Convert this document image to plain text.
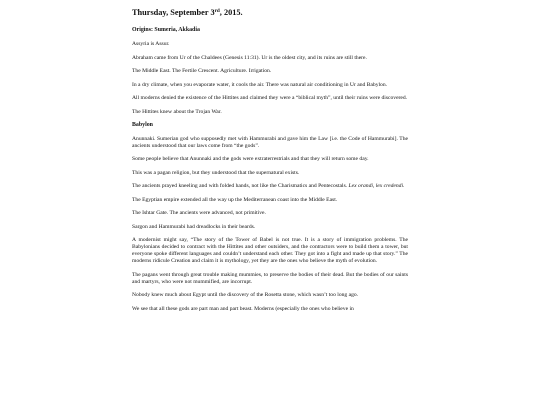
Thursday, September 3rd, 2015.
Origins: Sumeria, Akkadia

Assyria is Assur.

Abraham came from Ur of the Chaldees (Genesis 11:31). Ur is the oldest city, and its ruins are still there.

The Middle East. The Fertile Crescent. Agriculture. Irrigation.

In a dry climate, when you evaporate water, it cools the air. There was natural air conditioning in Ur and Babylon.

All moderns denied the existence of the Hittites and claimed they were a “biblical myth”, until their ruins were discovered.

The Hittites knew about the Trojan War.

Babylon

Anunnaki. Sumerian god who supposedly met with Hammurabi and gave him the Law [i.e. the Code of Hammurabi]. The ancients understood that our laws come from “the gods”.

Some people believe that Anunnaki and the gods were extraterrestrials and that they will return some day.

This was a pagan religion, but they understood that the supernatural exists.

The ancients prayed kneeling and with folded hands, not like the Charismatics and Pentecostals. Lex orandi, lex credendi.

The Egyptian empire extended all the way up the Mediterranean coast into the Middle East.

The Ishtar Gate. The ancients were advanced, not primitive.

Sargon and Hammurabi had dreadlocks in their beards.

A modernist might say, “The story of the Tower of Babel is not true. It is a story of immigration problems. The Babylonians decided to contract with the Hittites and other outsiders, and the contractors were to build them a tower, but everyone spoke different languages and couldn’t understand each other. They got into a fight and made up that story.” The moderns ridicule Creation and claim it is mythology, yet they are the ones who believe the myth of evolution.

The pagans went through great trouble making mummies, to preserve the bodies of their dead. But the bodies of our saints and martyrs, who were not mummified, are incorrupt.

Nobody knew much about Egypt until the discovery of the Rosetta stone, which wasn’t too long ago.

We see that all these gods are part man and part beast. Moderns (especially the ones who believe in
